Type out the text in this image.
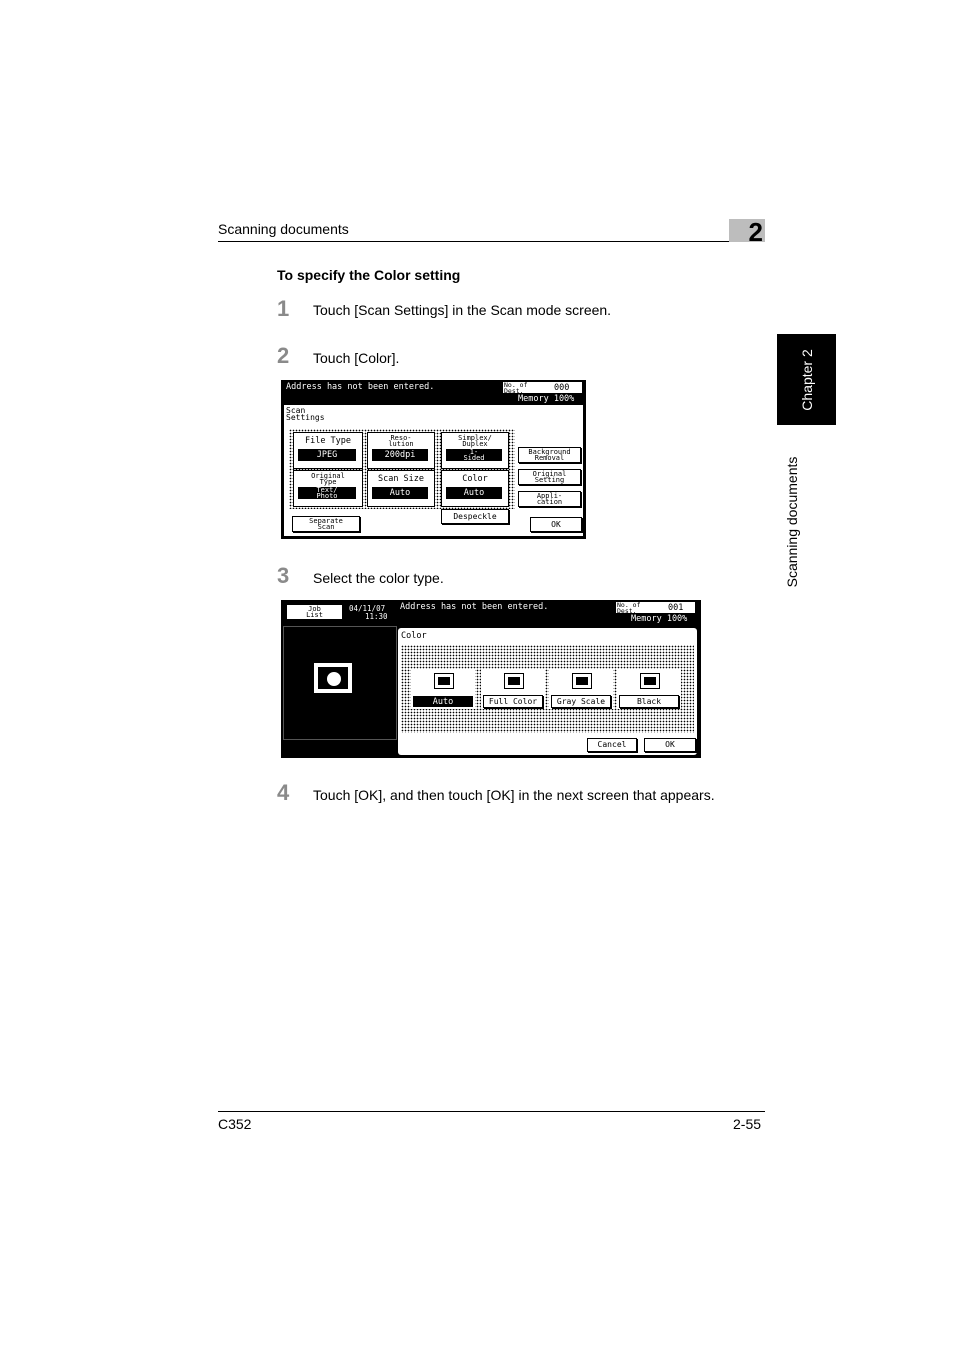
Scanning documents	2
Chapter 2
Scanning documents
To specify the Color setting
1 Touch [Scan Settings] in the Scan mode screen.
2 Touch [Color].
Address has not been entered.	No. of
Dest.	000
Memory 100%
Scan
Settings
File Type
JPEG
Reso-
lution
200dpi
Simplex/
Duplex
1-
Sided
Original
Type
Text/
Photo
Scan Size
Auto
Color
Auto
Background
Removal
Original
Setting
Appli-
cation
Despeckle
Separate
Scan	OK
3 Select the color type.
Job
List
04/11/07
11:30
Address has not been entered.	No. of
Dest.	001
Memory 100%
Color
Auto	Full Color	Gray Scale	Black
Cancel	OK
4 Touch [OK], and then touch [OK] in the next screen that appears.
C352	2-55
